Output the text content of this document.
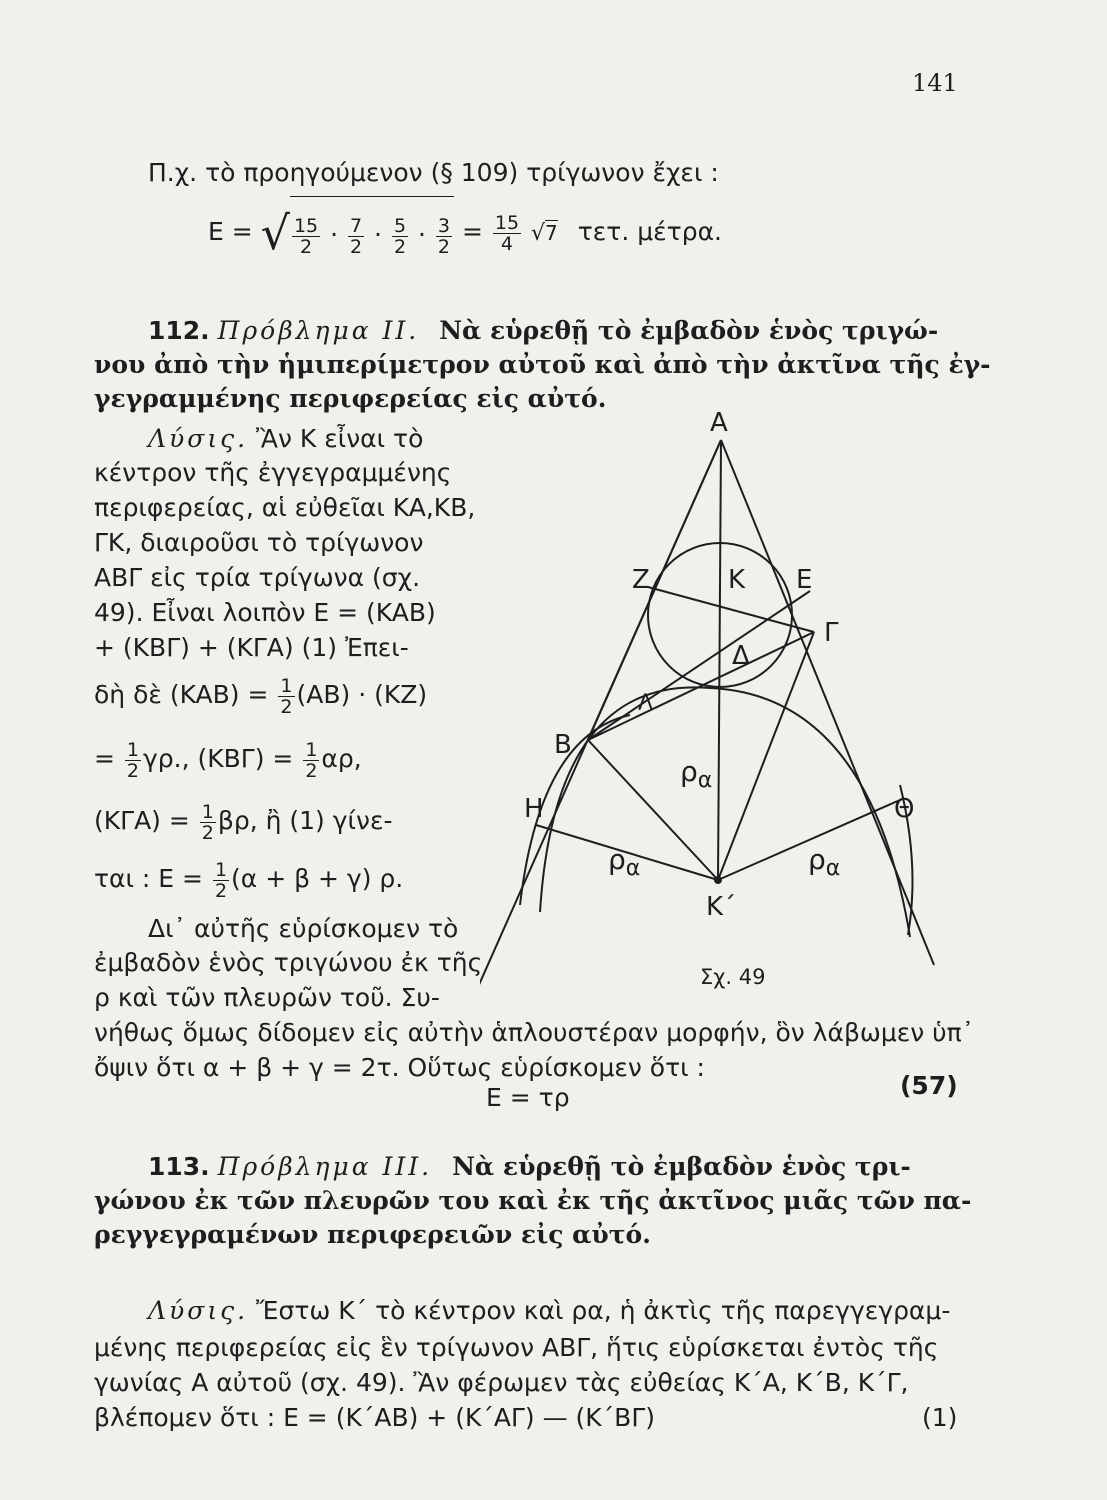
141
Π.χ. τὸ προηγούμενον (§ 109) τρίγωνον ἔχει :
E = √ $\frac{15}{2} \cdot \frac{7}{2} \cdot \frac{5}{2} \cdot \frac{3}{2} = \frac{15}{4} √7$ τετ. μέτρα.
112. Πρόβλημα II. Νὰ εὑρεθῇ τὸ ἐμβαδὸν ἑνὸς τριγώ-
νου ἀπὸ τὴν ἡμιπερίμετρον αὐτοῦ καὶ ἀπὸ τὴν ἀκτῖνα τῆς ἐγ-
γεγραμμένης περιφερείας εἰς αὐτό.
Λύσις. Ἂν K εἶναι τὸ
κέντρον τῆς ἐγγεγραμμένης
περιφερείας, αἱ εὐθεῖαι KA,KB,
ΓK, διαιροῦσι τὸ τρίγωνον
ΑΒΓ εἰς τρία τρίγωνα (σχ.
49). Εἶναι λοιπὸν E = (KAB)
+ (KBΓ) + (KΓA) (1) Ἐπει-
δὴ δὲ $(KAB) = \frac{1}{2} (AB) \cdot (KZ)$
= $\frac{1}{2} \gamma\rho$., $(KB\Gamma) = \frac{1}{2} \alpha\rho$,
$(K\Gamma A) = \frac{1}{2} \beta\rho$, ἢ (1) γίνε-
ται : $E = \frac{1}{2} (\alpha + \beta + \gamma)$ ρ.
Δι᾽ αὐτῆς εὑρίσκομεν τὸ
ἐμβαδὸν ἑνὸς τριγώνου ἐκ τῆς
ρ καὶ τῶν πλευρῶν τοῦ. Συ-
νήθως ὅμως δίδομεν εἰς αὐτὴν ἁπλουστέραν μορφήν, ὃν λάβωμεν ὑπ᾽
ὄψιν ὅτι α + β + γ = 2τ. Οὕτως εὑρίσκομεν ὅτι :
E = τρ	(57)
A
K
Z	E
Γ
Δ
Λ
B
H	Θ
K΄
$\rho_\alpha$
$\rho_\alpha$	$\rho_\alpha$
Σχ. 49
113. Πρόβλημα III. Νὰ εὑρεθῇ τὸ ἐμβαδὸν ἑνὸς τρι-
γώνου ἐκ τῶν πλευρῶν του καὶ ἐκ τῆς ἀκτῖνος μιᾶς τῶν πα-
ρεγγεγραμένων περιφερειῶν εἰς αὐτό.
Λύσις. Ἔστω K΄ τὸ κέντρον καὶ ρα, ἡ ἀκτὶς τῆς παρεγγεγραμ-
μένης περιφερείας εἰς ἓν τρίγωνον ΑΒΓ, ἥτις εὑρίσκεται ἐντὸς τῆς
γωνίας A αὐτοῦ (σχ. 49). Ἂν φέρωμεν τὰς εὐθείας K΄A, K΄B, K΄Γ,
βλέπομεν ὅτι : E = (K΄AB) + (K΄AΓ) — (K΄BΓ)	(1)
